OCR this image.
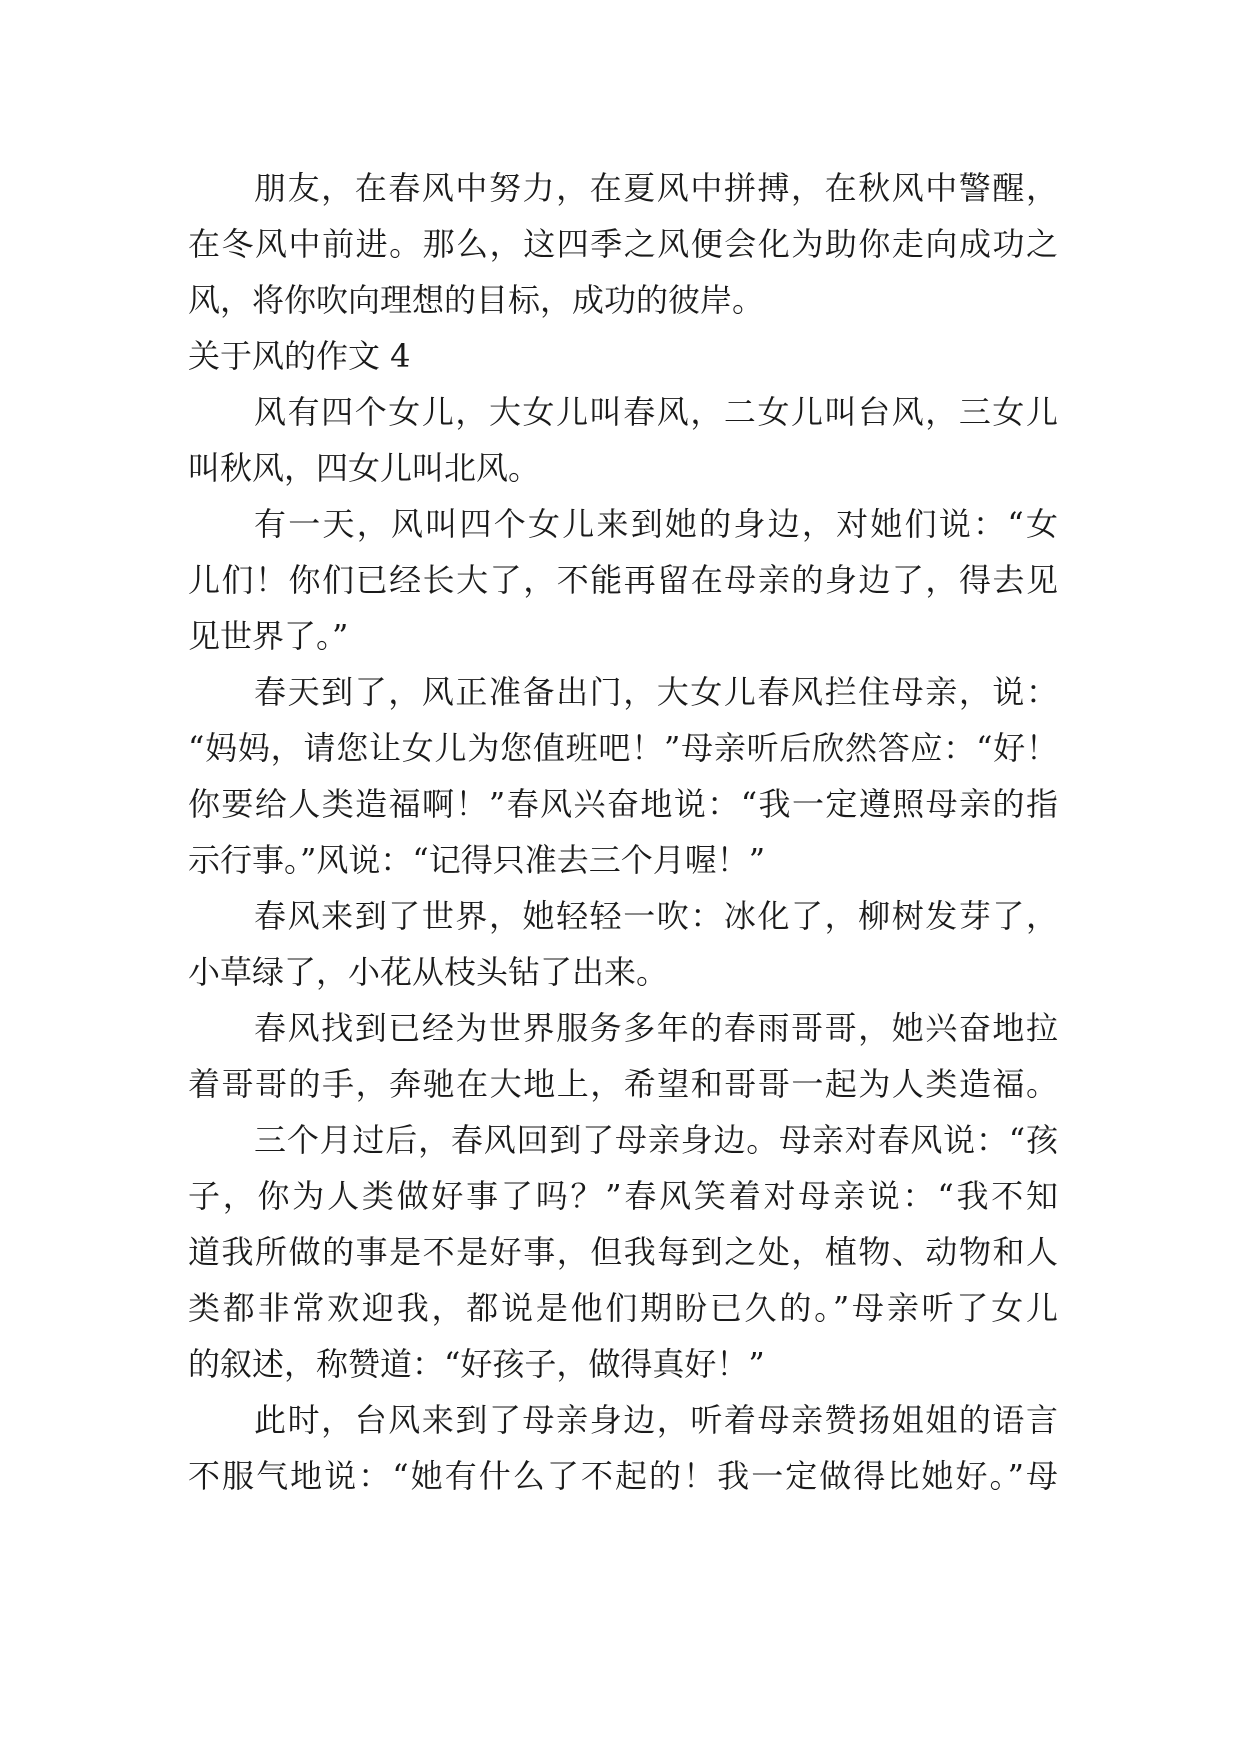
朋友，在春风中努力，在夏风中拼搏，在秋风中警醒，
在冬风中前进。那么，这四季之风便会化为助你走向成功之
风，将你吹向理想的目标，成功的彼岸。
关于风的作文 4
风有四个女儿，大女儿叫春风，二女儿叫台风，三女儿
叫秋风，四女儿叫北风。
有一天，风叫四个女儿来到她的身边，对她们说：“女
儿们！你们已经长大了，不能再留在母亲的身边了，得去见
见世界了。”
春天到了，风正准备出门，大女儿春风拦住母亲，说：
“妈妈，请您让女儿为您值班吧！”母亲听后欣然答应：“好！
你要给人类造福啊！”春风兴奋地说：“我一定遵照母亲的指
示行事。”风说：“记得只准去三个月喔！”
春风来到了世界，她轻轻一吹：冰化了，柳树发芽了，
小草绿了，小花从枝头钻了出来。
春风找到已经为世界服务多年的春雨哥哥，她兴奋地拉
着哥哥的手，奔驰在大地上，希望和哥哥一起为人类造福。
三个月过后，春风回到了母亲身边。母亲对春风说：“孩
子，你为人类做好事了吗？”春风笑着对母亲说：“我不知
道我所做的事是不是好事，但我每到之处，植物、动物和人
类都非常欢迎我，都说是他们期盼已久的。”母亲听了女儿
的叙述，称赞道：“好孩子，做得真好！”
此时，台风来到了母亲身边，听着母亲赞扬姐姐的语言
不服气地说：“她有什么了不起的！我一定做得比她好。”母
